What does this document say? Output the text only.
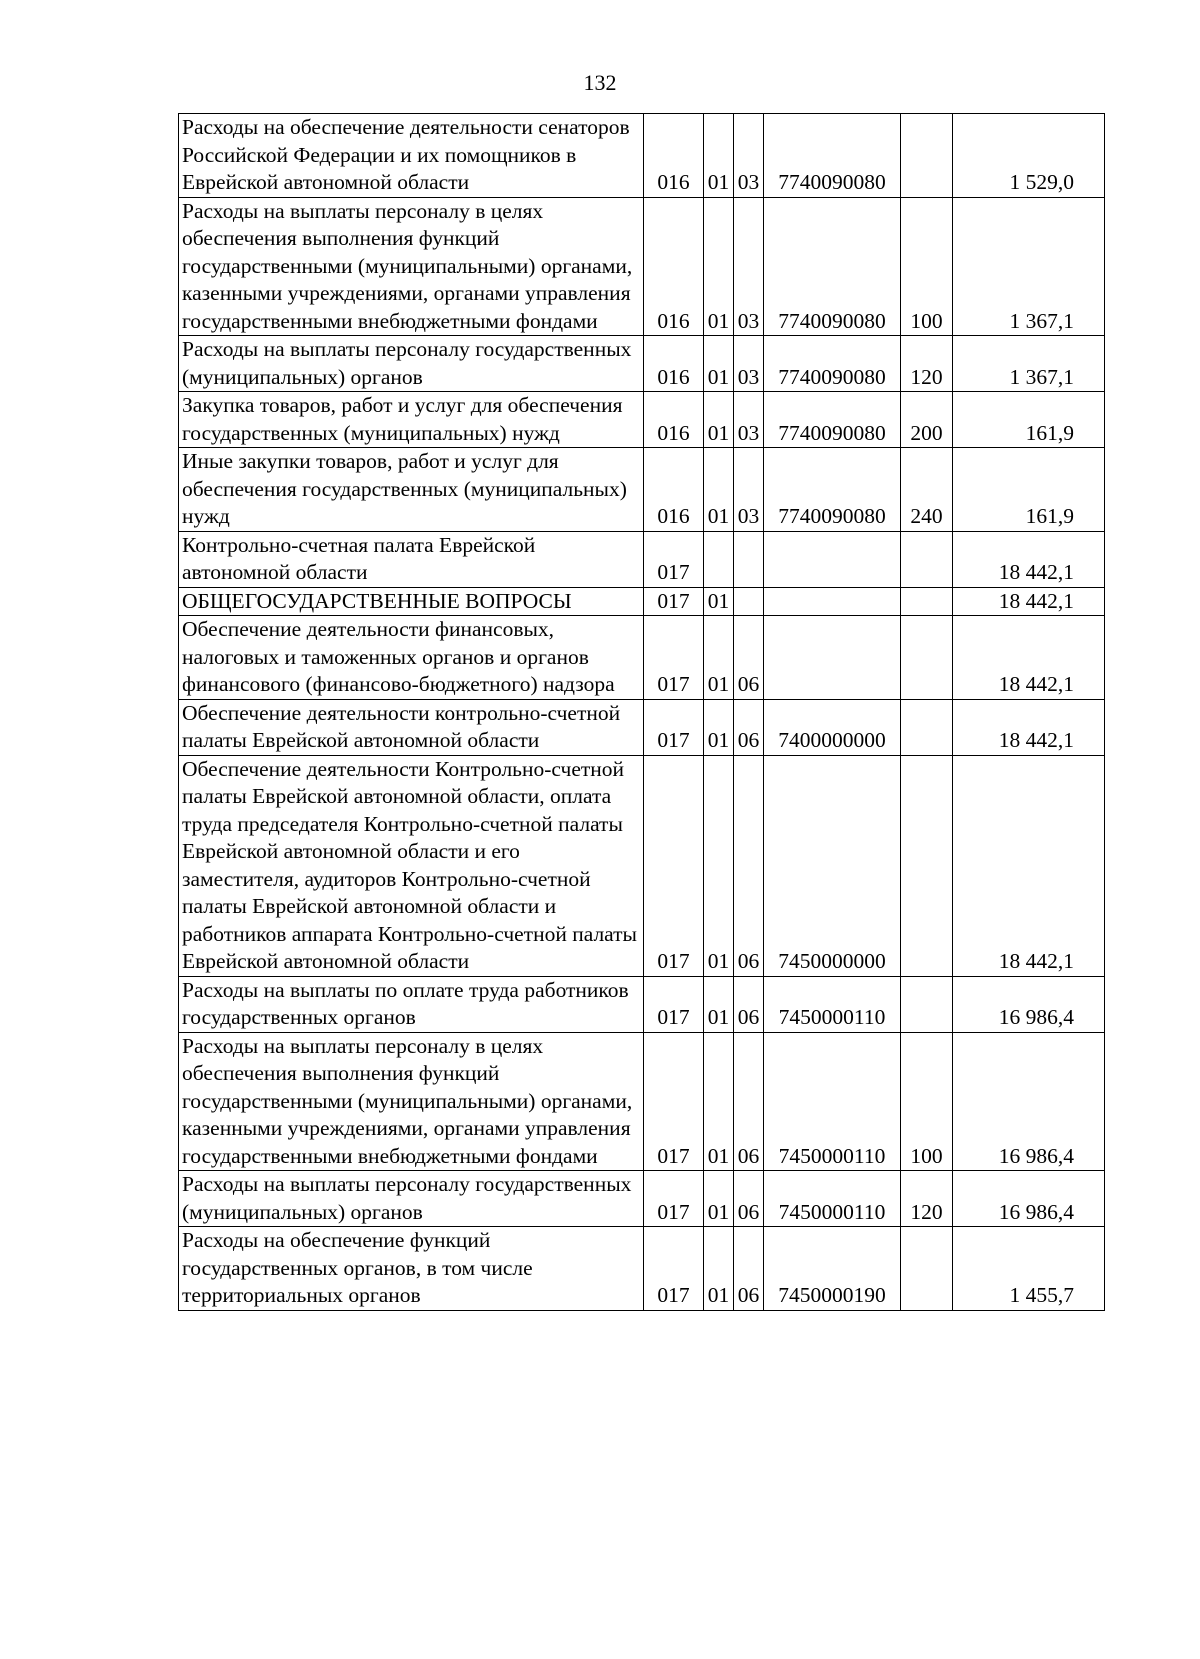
132
Расходы на обеспечение деятельности сенаторов Российской Федерации и их помощников в Еврейской автономной области	016	01	03	7740090080		1 529,0
Расходы на выплаты персоналу в целях обеспечения выполнения функций государственными (муниципальными) органами, казенными учреждениями, органами управления государственными внебюджетными фондами	016	01	03	7740090080	100	1 367,1
Расходы на выплаты персоналу государственных (муниципальных) органов	016	01	03	7740090080	120	1 367,1
Закупка товаров, работ и услуг для обеспечения государственных (муниципальных) нужд	016	01	03	7740090080	200	161,9
Иные закупки товаров, работ и услуг для обеспечения государственных (муниципальных) нужд	016	01	03	7740090080	240	161,9
Контрольно-счетная палата Еврейской автономной области	017					18 442,1
ОБЩЕГОСУДАРСТВЕННЫЕ ВОПРОСЫ	017	01				18 442,1
Обеспечение деятельности финансовых, налоговых и таможенных органов и органов финансового (финансово-бюджетного) надзора	017	01	06			18 442,1
Обеспечение деятельности контрольно-счетной палаты Еврейской автономной области	017	01	06	7400000000		18 442,1
Обеспечение деятельности Контрольно-счетной палаты Еврейской автономной области, оплата труда председателя Контрольно-счетной палаты Еврейской автономной области и его заместителя, аудиторов Контрольно-счетной палаты Еврейской автономной области и работников аппарата Контрольно-счетной палаты Еврейской автономной области	017	01	06	7450000000		18 442,1
Расходы на выплаты по оплате труда работников государственных органов	017	01	06	7450000110		16 986,4
Расходы на выплаты персоналу в целях обеспечения выполнения функций государственными (муниципальными) органами, казенными учреждениями, органами управления государственными внебюджетными фондами	017	01	06	7450000110	100	16 986,4
Расходы на выплаты персоналу государственных (муниципальных) органов	017	01	06	7450000110	120	16 986,4
Расходы на обеспечение функций государственных органов, в том числе территориальных органов	017	01	06	7450000190		1 455,7
